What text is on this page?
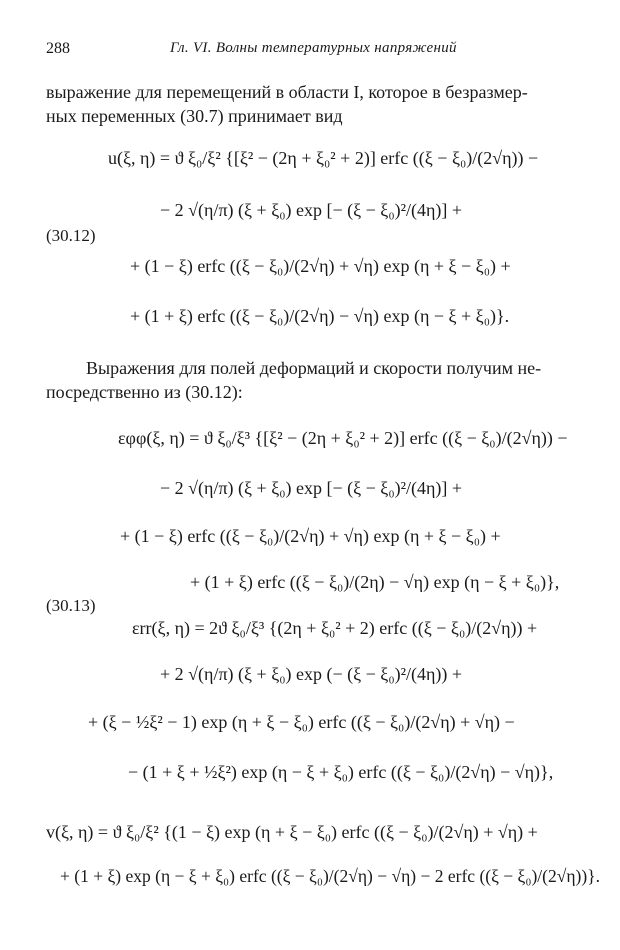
288	Гл. VI. Волны температурных напряжений
выражение для перемещений в области I, которое в безразмер-
ных переменных (30.7) принимает вид
(30.12)
u(ξ, η) = ϑ ξ₀/ξ² {[ξ² − (2η + ξ₀² + 2)] erfc ((ξ − ξ₀)/(2√η)) −
− 2 √(η/π) (ξ + ξ₀) exp [− (ξ − ξ₀)²/(4η)] +
+ (1 − ξ) erfc ((ξ − ξ₀)/(2√η) + √η) exp (η + ξ − ξ₀) +
+ (1 + ξ) erfc ((ξ − ξ₀)/(2√η) − √η) exp (η − ξ + ξ₀)}.
Выражения для полей деформаций и скорости получим не-
посредственно из (30.12):
(30.13)
εφφ(ξ, η) = ϑ ξ₀/ξ³ {[ξ² − (2η + ξ₀² + 2)] erfc ((ξ − ξ₀)/(2√η)) −
− 2 √(η/π) (ξ + ξ₀) exp [− (ξ − ξ₀)²/(4η)] +
+ (1 − ξ) erfc ((ξ − ξ₀)/(2√η) + √η) exp (η + ξ − ξ₀) +
+ (1 + ξ) erfc ((ξ − ξ₀)/(2η) − √η) exp (η − ξ + ξ₀)},
εrr(ξ, η) = 2ϑ ξ₀/ξ³ {(2η + ξ₀² + 2) erfc ((ξ − ξ₀)/(2√η)) +
+ 2 √(η/π) (ξ + ξ₀) exp (− (ξ − ξ₀)²/(4η)) +
+ (ξ − ½ξ² − 1) exp (η + ξ − ξ₀) erfc ((ξ − ξ₀)/(2√η) + √η) −
− (1 + ξ + ½ξ²) exp (η − ξ + ξ₀) erfc ((ξ − ξ₀)/(2√η) − √η)},
v(ξ, η) = ϑ ξ₀/ξ² {(1 − ξ) exp (η + ξ − ξ₀) erfc ((ξ − ξ₀)/(2√η) + √η) +
+ (1 + ξ) exp (η − ξ + ξ₀) erfc ((ξ − ξ₀)/(2√η) − √η) − 2 erfc ((ξ − ξ₀)/(2√η))}.
